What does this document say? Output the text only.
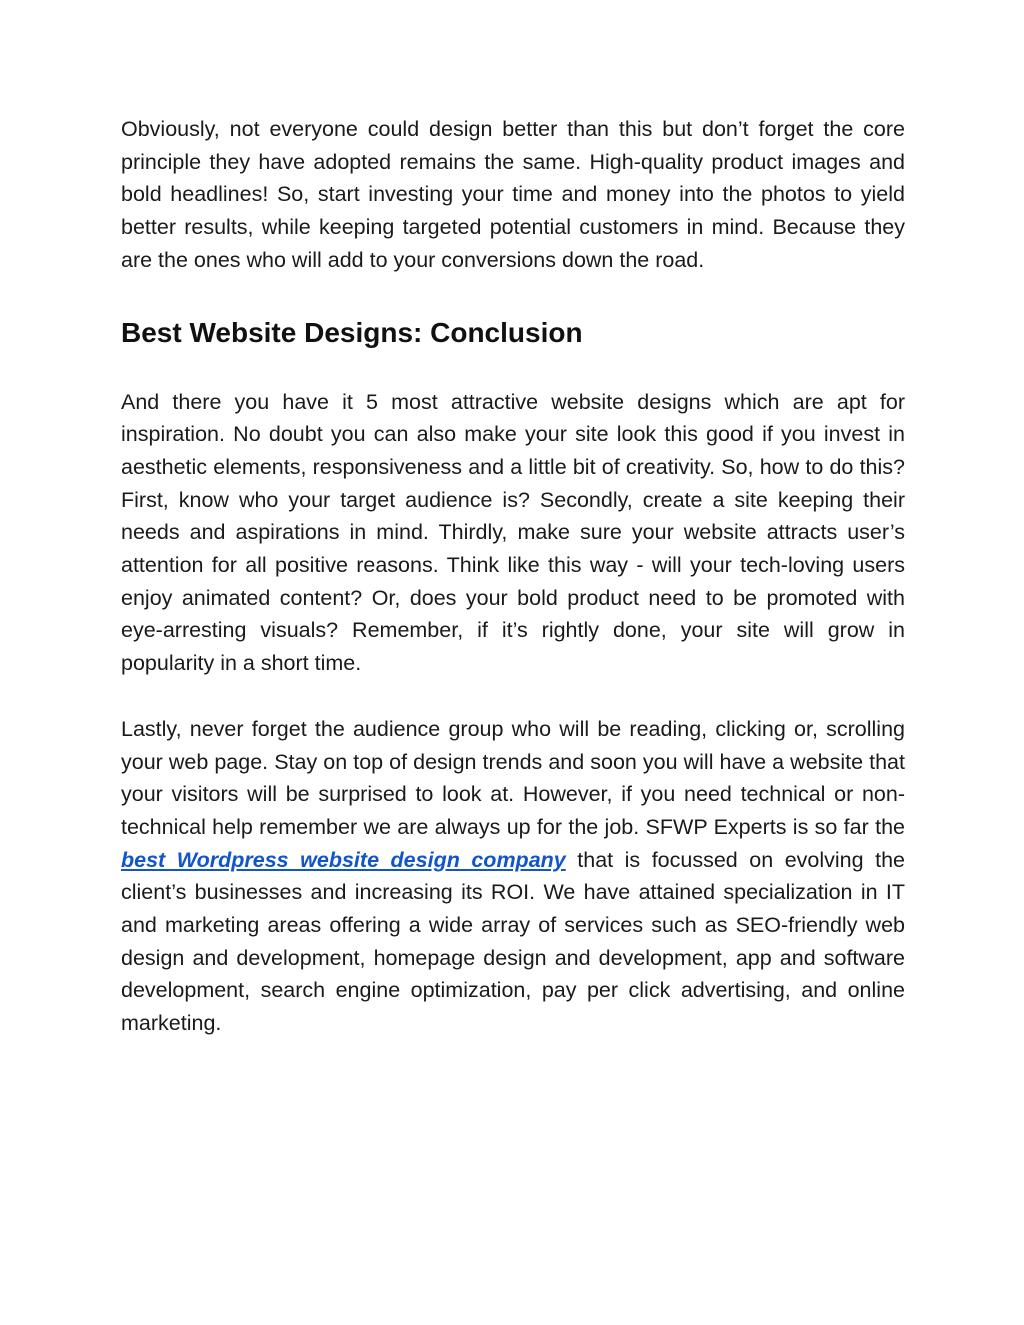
Obviously, not everyone could design better than this but don’t forget the core principle they have adopted remains the same. High-quality product images and bold headlines! So, start investing your time and money into the photos to yield better results, while keeping targeted potential customers in mind. Because they are the ones who will add to your conversions down the road.

Best Website Designs: Conclusion

And there you have it 5 most attractive website designs which are apt for inspiration. No doubt you can also make your site look this good if you invest in aesthetic elements, responsiveness and a little bit of creativity. So, how to do this? First, know who your target audience is? Secondly, create a site keeping their needs and aspirations in mind. Thirdly, make sure your website attracts user’s attention for all positive reasons. Think like this way - will your tech-loving users enjoy animated content? Or, does your bold product need to be promoted with eye-arresting visuals? Remember, if it’s rightly done, your site will grow in popularity in a short time.

Lastly, never forget the audience group who will be reading, clicking or, scrolling your web page. Stay on top of design trends and soon you will have a website that your visitors will be surprised to look at. However, if you need technical or non-technical help remember we are always up for the job. SFWP Experts is so far the best Wordpress website design company that is focussed on evolving the client’s businesses and increasing its ROI. We have attained specialization in IT and marketing areas offering a wide array of services such as SEO-friendly web design and development, homepage design and development, app and software development, search engine optimization, pay per click advertising, and online marketing.
